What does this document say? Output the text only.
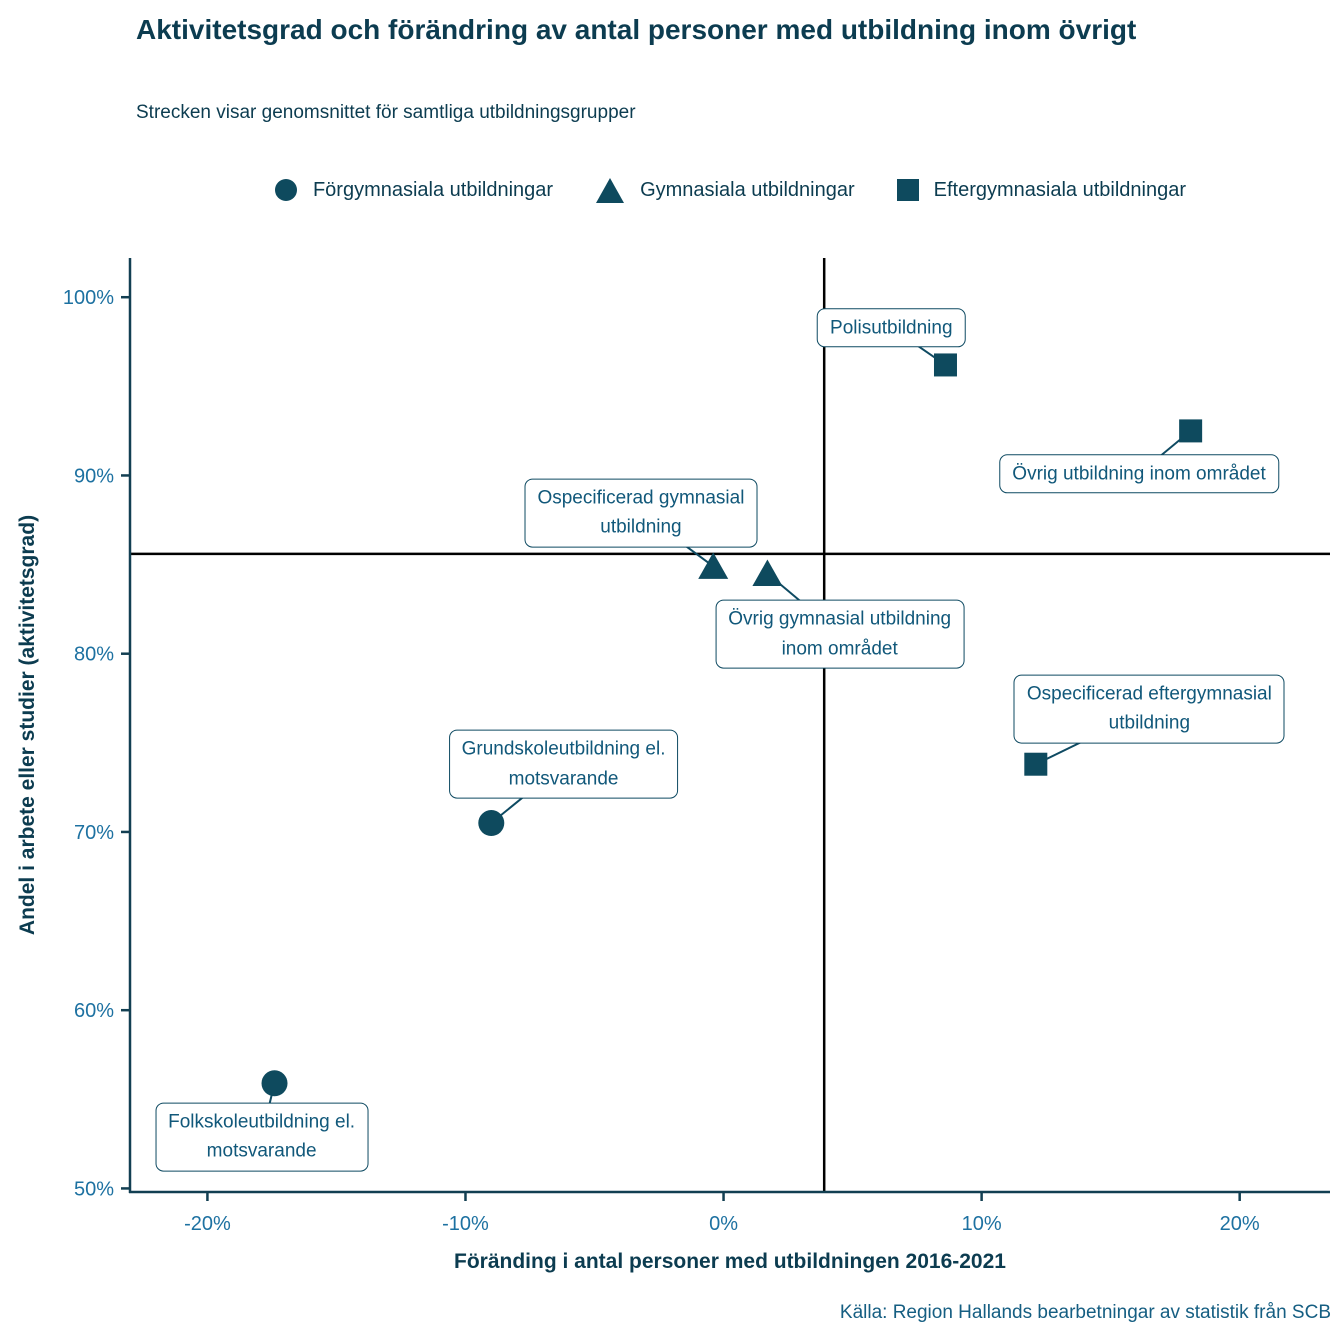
Aktivitetsgrad och förändring av antal personer med utbildning inom övrigt
Strecken visar genomsnittet för samtliga utbildningsgrupper
Förgymnasiala utbildningar	Gymnasiala utbildningar	Eftergymnasiala utbildningar
-20%	-10%	0%	10%	20%
50%
60%
70%
80%
90%
100%
Folkskoleutbildning el.
motsvarande
Grundskoleutbildning el.
motsvarande
Ospecificerad gymnasial
utbildning
Övrig gymnasial utbildning
inom området
Polisutbildning
Övrig utbildning inom området
Ospecificerad eftergymnasial
utbildning
Föränding i antal personer med utbildningen 2016-2021
Andel i arbete eller studier (aktivitetsgrad)
Källa: Region Hallands bearbetningar av statistik från SCB
